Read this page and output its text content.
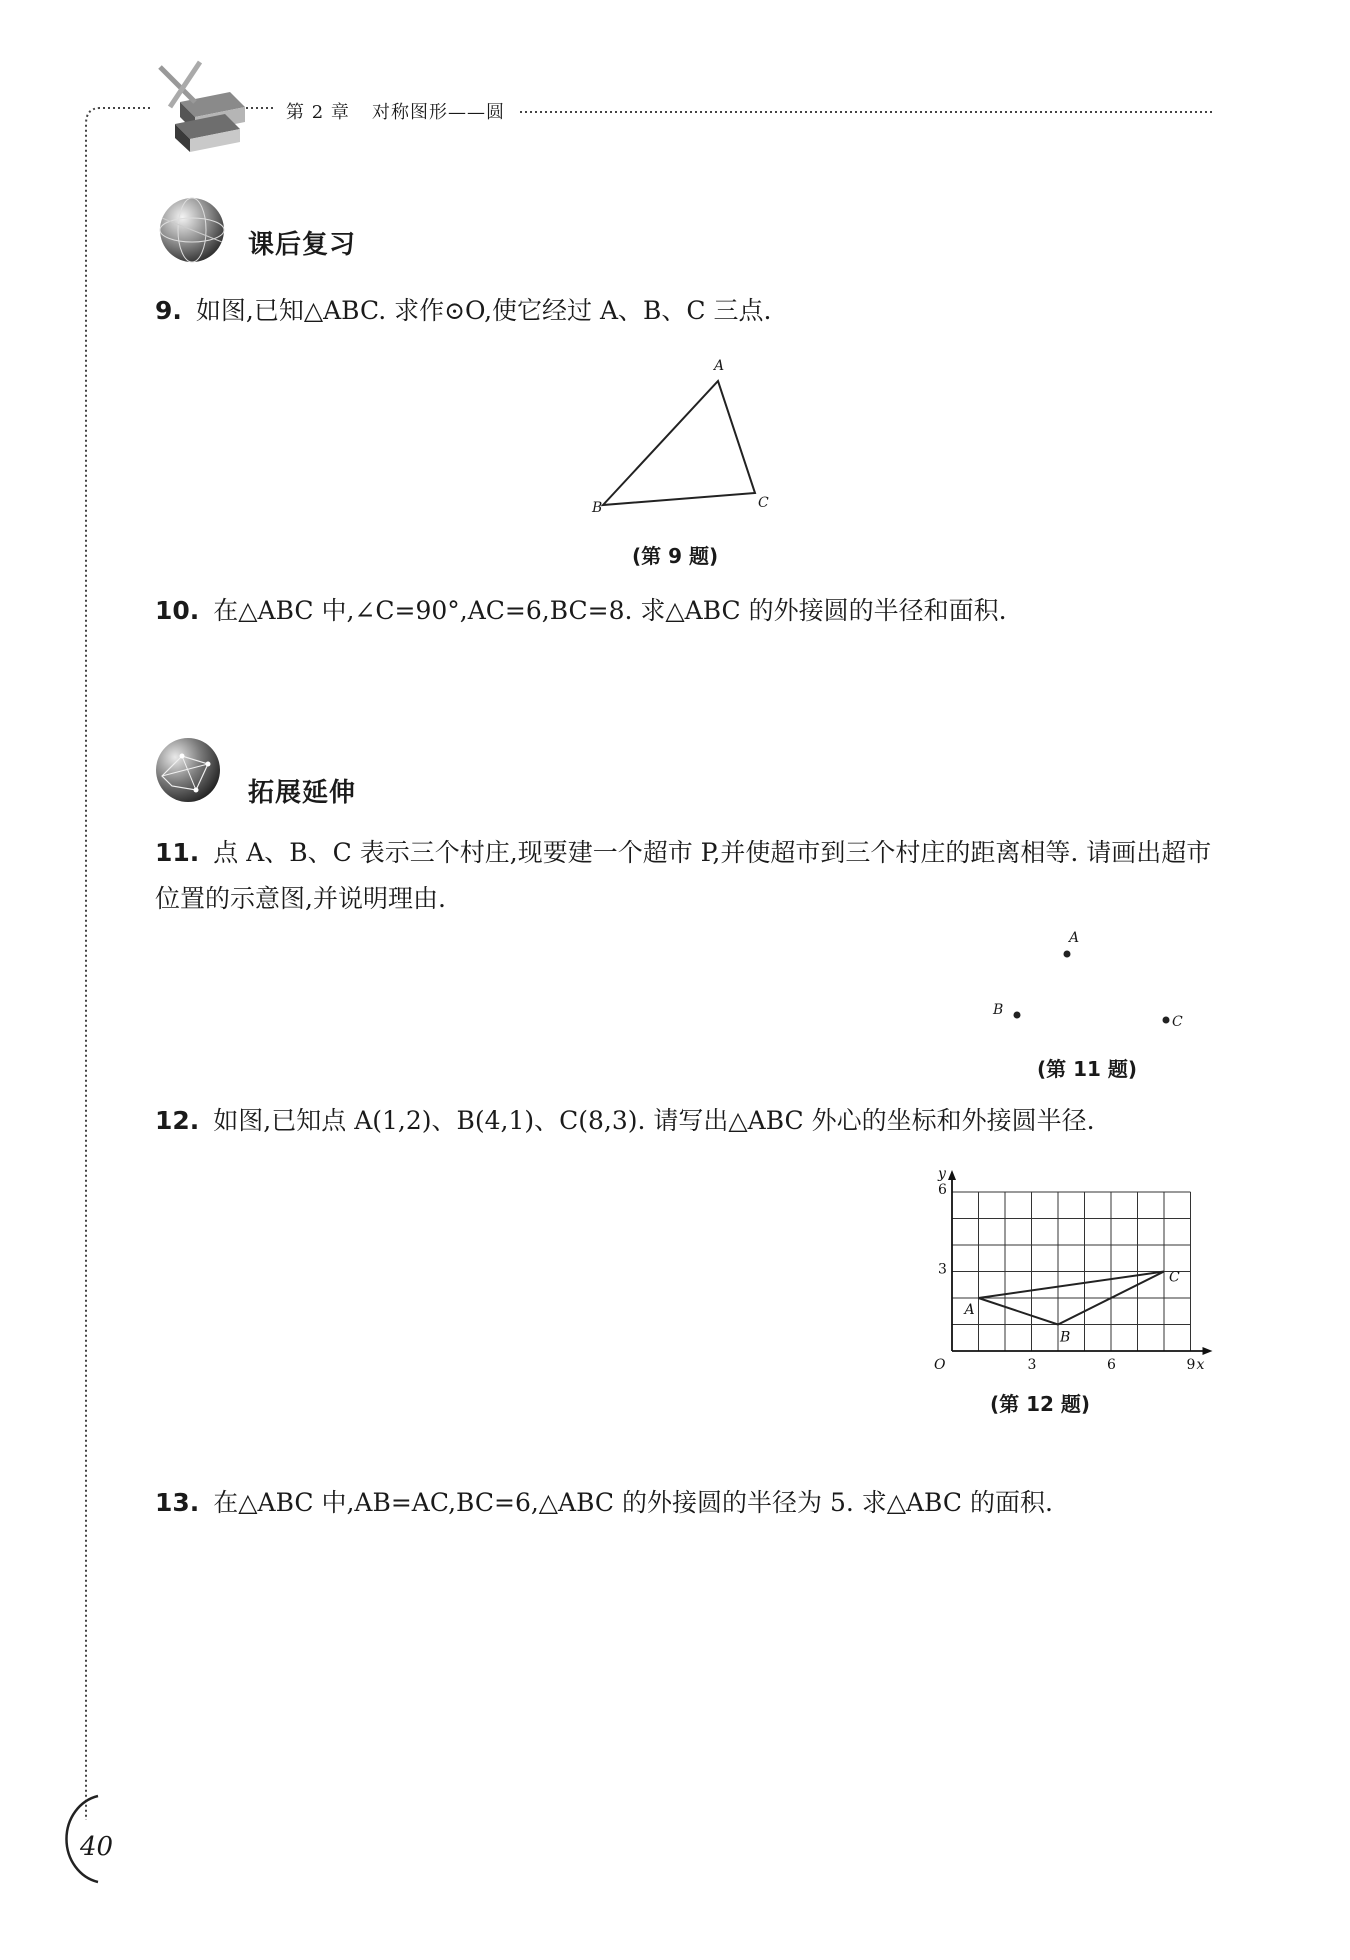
第 2 章 对称图形——圆
课后复习
9. 如图,已知△ABC. 求作⊙O,使它经过 A、B、C 三点.
A
B	C
(第 9 题)
10. 在△ABC 中,∠C=90°,AC=6,BC=8. 求△ABC 的外接圆的半径和面积.
拓展延伸
11. 点 A、B、C 表示三个村庄,现要建一个超市 P,并使超市到三个村庄的距离相等. 请画出超市位置的示意图,并说明理由.
A
B
C
(第 11 题)
12. 如图,已知点 A(1,2)、B(4,1)、C(8,3). 请写出△ABC 外心的坐标和外接圆半径.
A
B
C
3	6	9
3
6
O	x
y
(第 12 题)
13. 在△ABC 中,AB=AC,BC=6,△ABC 的外接圆的半径为 5. 求△ABC 的面积.
40
